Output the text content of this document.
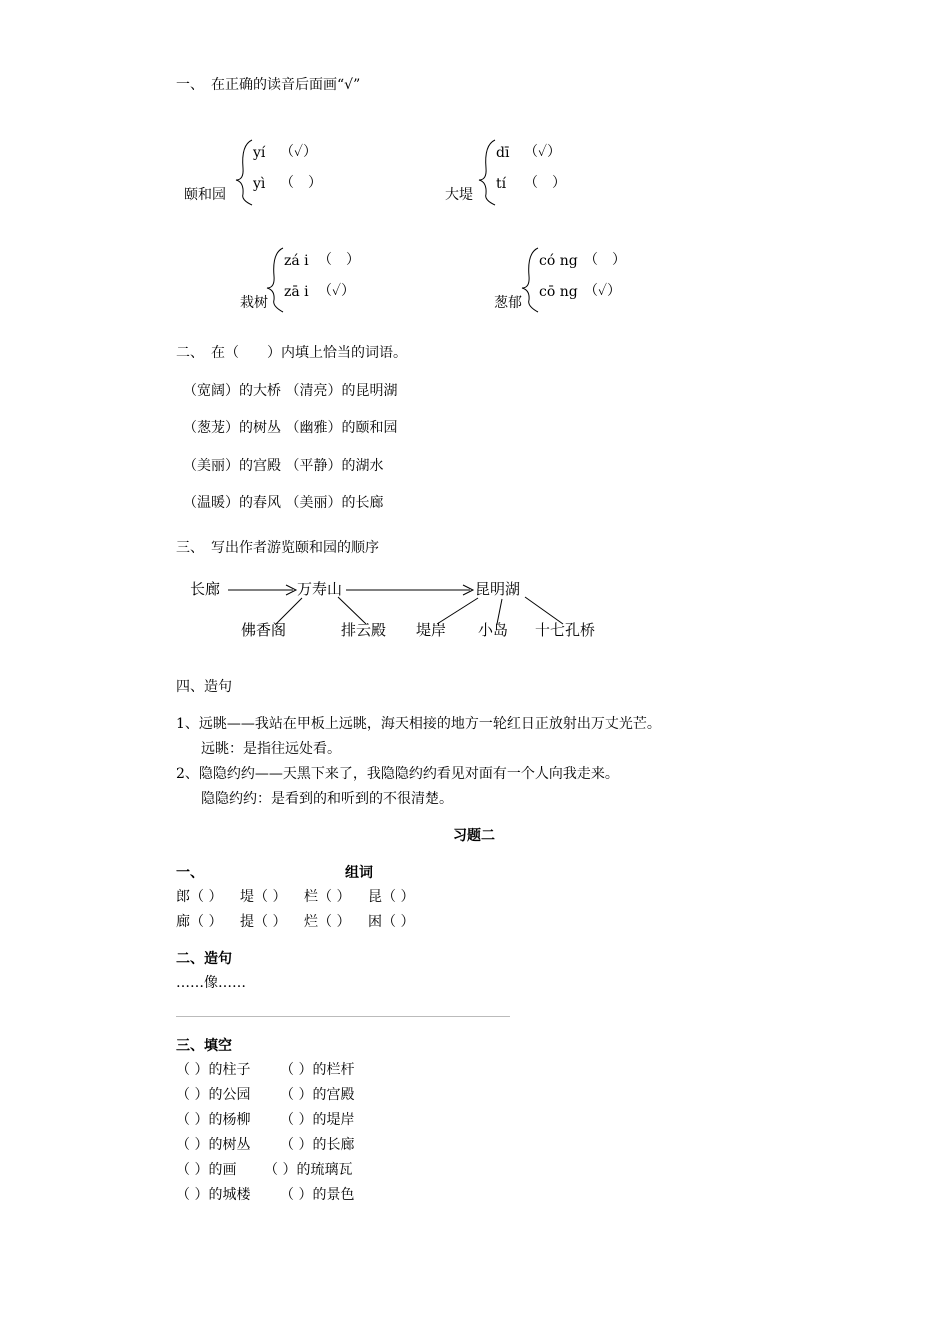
一、　在正确的读音后面画“√”
yí （✓）
yì （　）
颐和园
dī （✓）
tí （　）
大堤
zá i （　）
zā i （✓）
栽树
có ng （　）
cō ng （✓）
葱郁
二、　在（　　）内填上恰当的词语。
（宽阔）的大桥 （清亮）的昆明湖
（葱茏）的树丛 （幽雅）的颐和园
（美丽）的宫殿 （平静）的湖水
（温暖）的春风 （美丽）的长廊
三、　写出作者游览颐和园的顺序
长廊	万寿山	昆明湖
佛香阁	排云殿 堤岸 小岛 十七孔桥
四、造句
1、远眺——我站在甲板上远眺，海天相接的地方一轮红日正放射出万丈光芒。
远眺：是指往远处看。
2、隐隐约约——天黑下来了，我隐隐约约看见对面有一个人向我走来。
隐隐约约：是看到的和听到的不很清楚。
习题二
一、	组词
郎（ ） 堤（ ） 栏（ ） 昆（ ）
廊（ ） 提（ ） 烂（ ） 困（ ）
二、造句
……像……
三、填空
（ ）的柱子 （ ）的栏杆
（ ）的公园 （ ）的宫殿
（ ）的杨柳 （ ）的堤岸
（ ）的树丛 （ ）的长廊
（ ）的画 （ ）的琉璃瓦
（ ）的城楼 （ ）的景色
